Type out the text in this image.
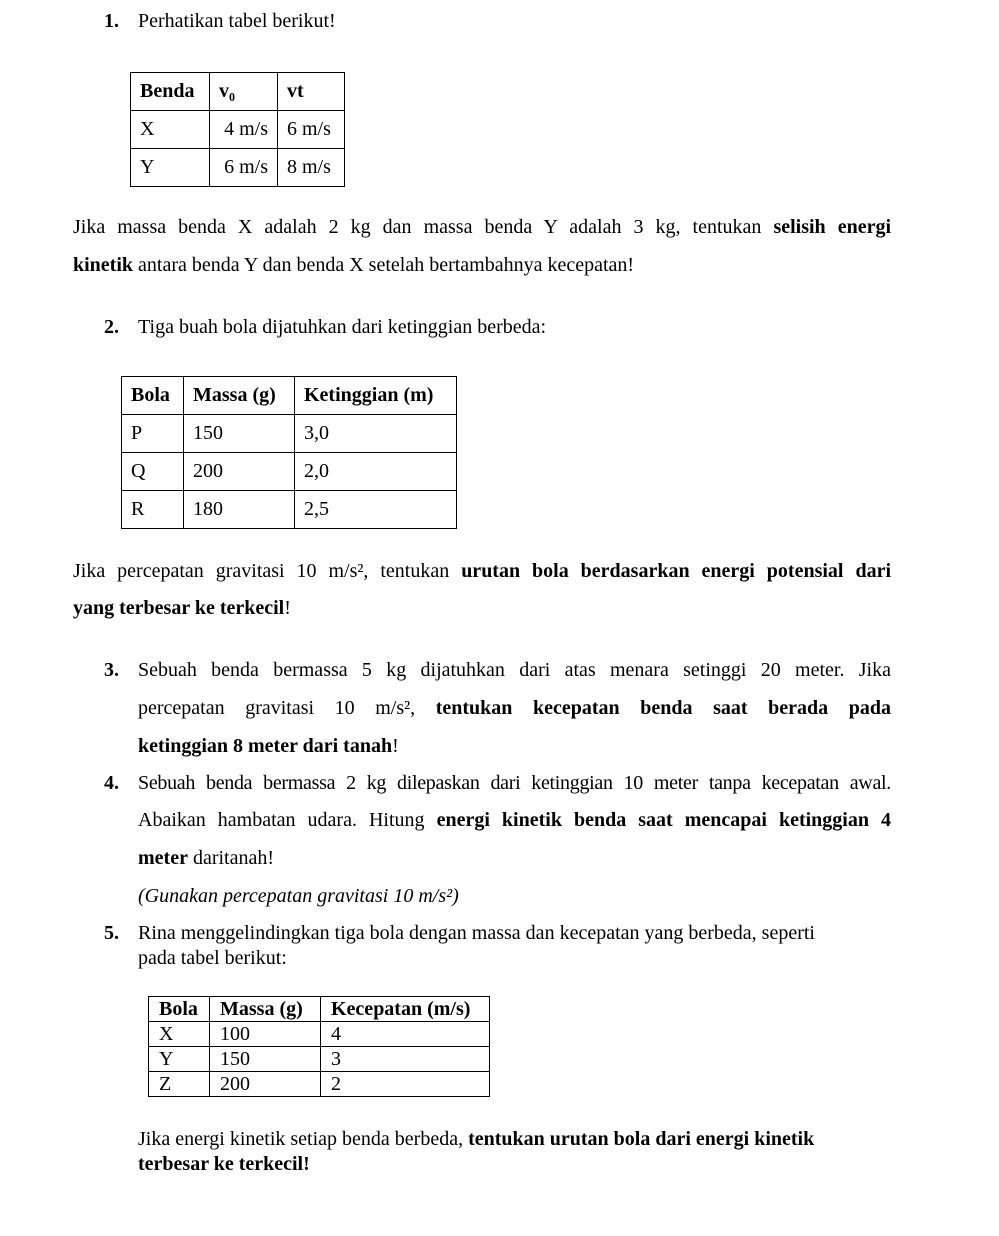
1. Perhatikan tabel berikut!
Benda	v₀	vt
X	4 m/s	6 m/s
Y	6 m/s	8 m/s
Jika massa benda X adalah 2 kg dan massa benda Y adalah 3 kg, tentukan selisih energi
kinetik antara benda Y dan benda X setelah bertambahnya kecepatan!
2. Tiga buah bola dijatuhkan dari ketinggian berbeda:
Bola	Massa (g)	Ketinggian (m)
P	150	3,0
Q	200	2,0
R	180	2,5
Jika percepatan gravitasi 10 m/s², tentukan urutan bola berdasarkan energi potensial dari
yang terbesar ke terkecil!
3. Sebuah benda bermassa 5 kg dijatuhkan dari atas menara setinggi 20 meter. Jika
percepatan gravitasi 10 m/s², tentukan kecepatan benda saat berada pada
ketinggian 8 meter dari tanah!
4. Sebuah benda bermassa 2 kg dilepaskan dari ketinggian 10 meter tanpa kecepatan awal.
Abaikan hambatan udara. Hitung energi kinetik benda saat mencapai ketinggian 4
meter daritanah!
(Gunakan percepatan gravitasi 10 m/s²)
5. Rina menggelindingkan tiga bola dengan massa dan kecepatan yang berbeda, seperti
pada tabel berikut:
Bola	Massa (g)	Kecepatan (m/s)
X	100	4
Y	150	3
Z	200	2
Jika energi kinetik setiap benda berbeda, tentukan urutan bola dari energi kinetik
terbesar ke terkecil!
